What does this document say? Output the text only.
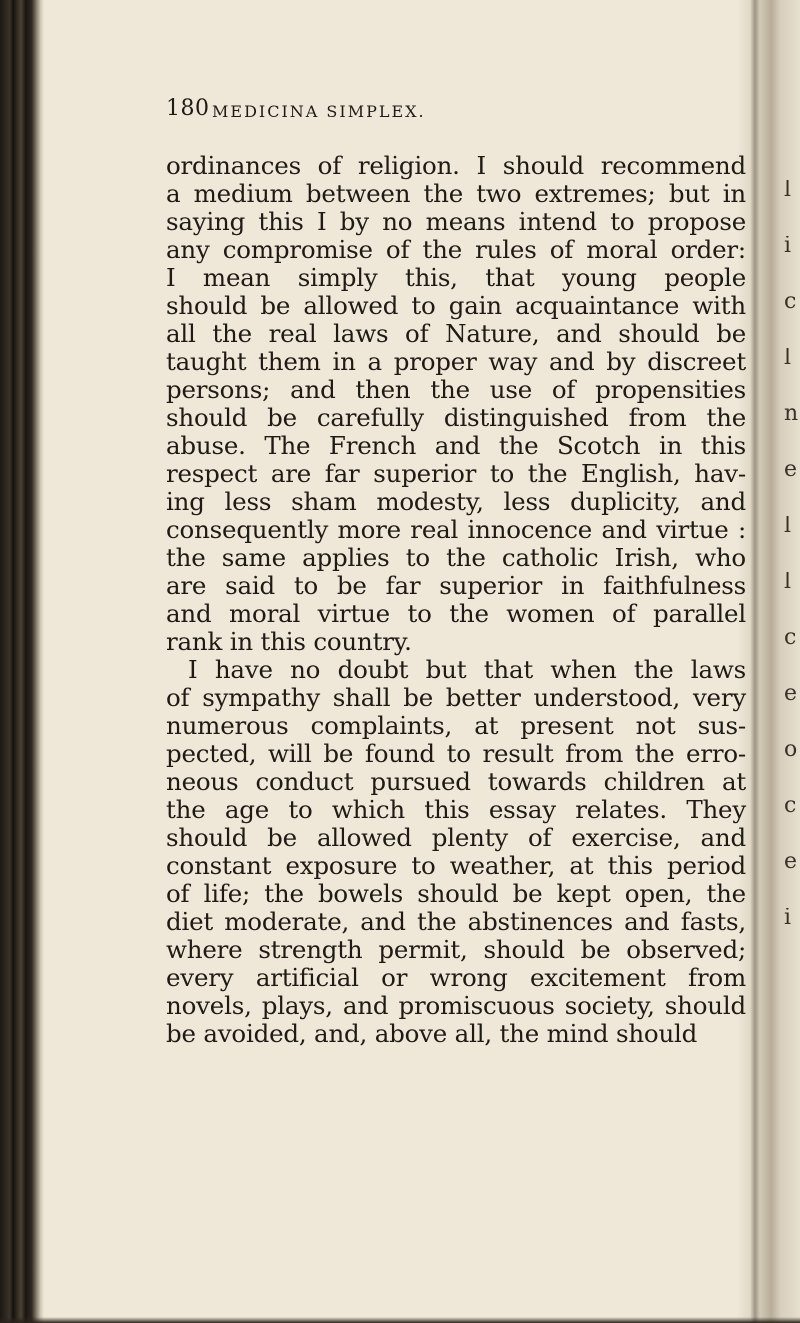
l
i
c
l
n
e
l
l
c
e
o
c
e
i
180 MEDICINA SIMPLEX.
ordinances of religion. I should recommend
a medium between the two extremes; but in
saying this I by no means intend to propose
any compromise of the rules of moral order:
I mean simply this, that young people
should be allowed to gain acquaintance with
all the real laws of Nature, and should be
taught them in a proper way and by discreet
persons; and then the use of propensities
should be carefully distinguished from the
abuse. The French and the Scotch in this
respect are far superior to the English, hav-
ing less sham modesty, less duplicity, and
consequently more real innocence and virtue :
the same applies to the catholic Irish, who
are said to be far superior in faithfulness
and moral virtue to the women of parallel
rank in this country.
I have no doubt but that when the laws
of sympathy shall be better understood, very
numerous complaints, at present not sus-
pected, will be found to result from the erro-
neous conduct pursued towards children at
the age to which this essay relates. They
should be allowed plenty of exercise, and
constant exposure to weather, at this period
of life; the bowels should be kept open, the
diet moderate, and the abstinences and fasts,
where strength permit, should be observed;
every artificial or wrong excitement from
novels, plays, and promiscuous society, should
be avoided, and, above all, the mind should
